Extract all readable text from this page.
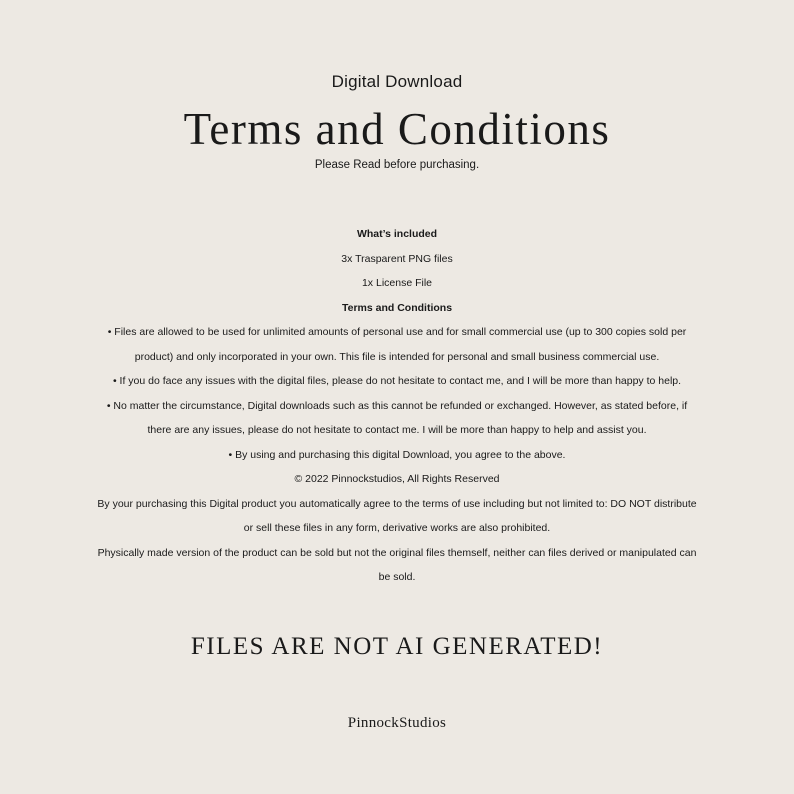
Digital Download
Terms and Conditions
Please Read before purchasing.

What’s included

3x Trasparent PNG files

1x License File

Terms and Conditions

• Files are allowed to be used for unlimited amounts of personal use and for small commercial use (up to 300 copies sold per

product) and only incorporated in your own. This file is intended for personal and small business commercial use.

• If you do face any issues with the digital files, please do not hesitate to contact me, and I will be more than happy to help.

• No matter the circumstance, Digital downloads such as this cannot be refunded or exchanged. However, as stated before, if

there are any issues, please do not hesitate to contact me. I will be more than happy to help and assist you.

• By using and purchasing this digital Download, you agree to the above.

© 2022 Pinnockstudios, All Rights Reserved

By your purchasing this Digital product you automatically agree to the terms of use including but not limited to: DO NOT distribute

or sell these files in any form, derivative works are also prohibited.

Physically made version of the product can be sold but not the original files themself, neither can files derived or manipulated can

be sold.

FILES ARE NOT AI GENERATED!
PinnockStudios
